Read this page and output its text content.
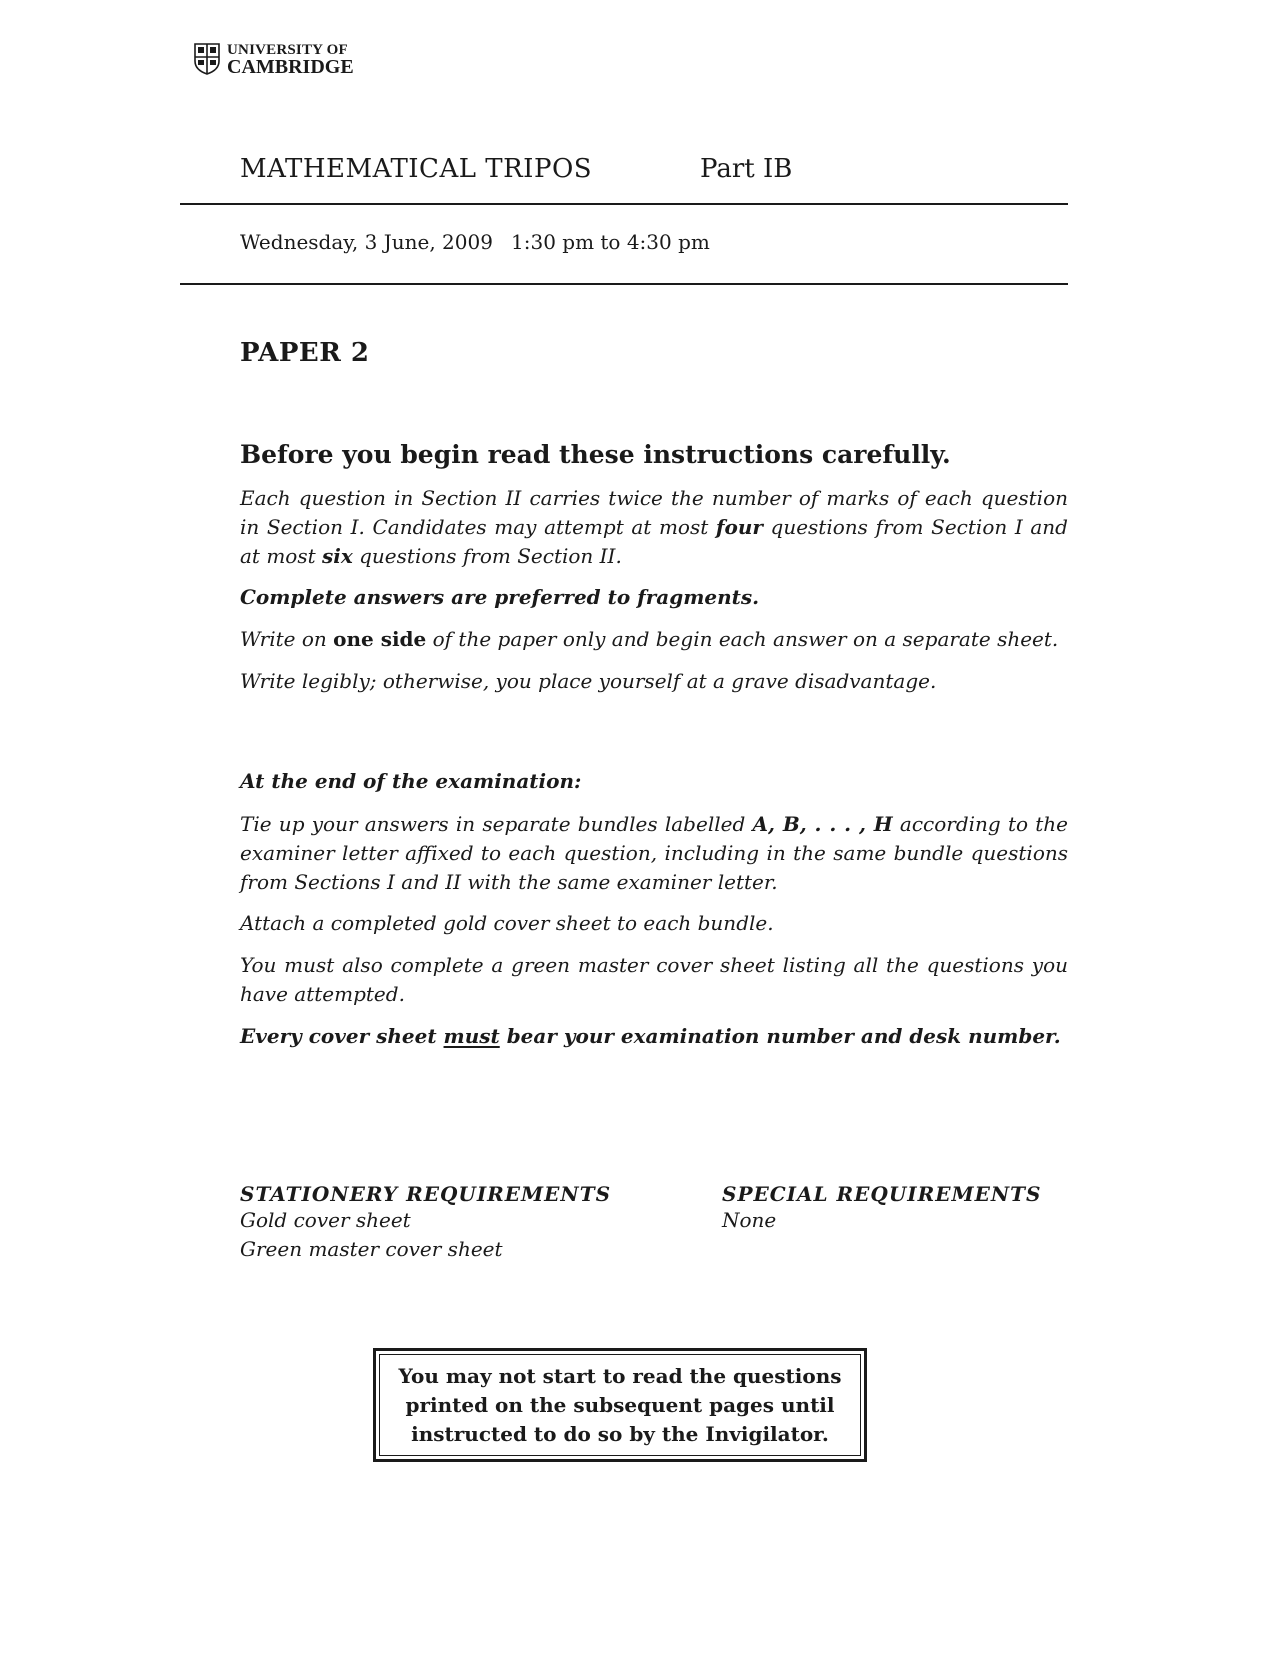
UNIVERSITY OF
CAMBRIDGE
MATHEMATICAL TRIPOS	Part IB
Wednesday, 3 June, 2009 1:30 pm to 4:30 pm
PAPER 2
Before you begin read these instructions carefully.
Each question in Section II carries twice the number of marks of each question in Section I. Candidates may attempt at most four questions from Section I and at most six questions from Section II.
Complete answers are preferred to fragments.
Write on one side of the paper only and begin each answer on a separate sheet.
Write legibly; otherwise, you place yourself at a grave disadvantage.
At the end of the examination:
Tie up your answers in separate bundles labelled A, B, . . . , H according to the examiner letter affixed to each question, including in the same bundle questions from Sections I and II with the same examiner letter.
Attach a completed gold cover sheet to each bundle.
You must also complete a green master cover sheet listing all the questions you have attempted.
Every cover sheet must bear your examination number and desk number.
STATIONERY REQUIREMENTS
Gold cover sheet
Green master cover sheet
SPECIAL REQUIREMENTS
None
You may not start to read the questions
printed on the subsequent pages until
instructed to do so by the Invigilator.
